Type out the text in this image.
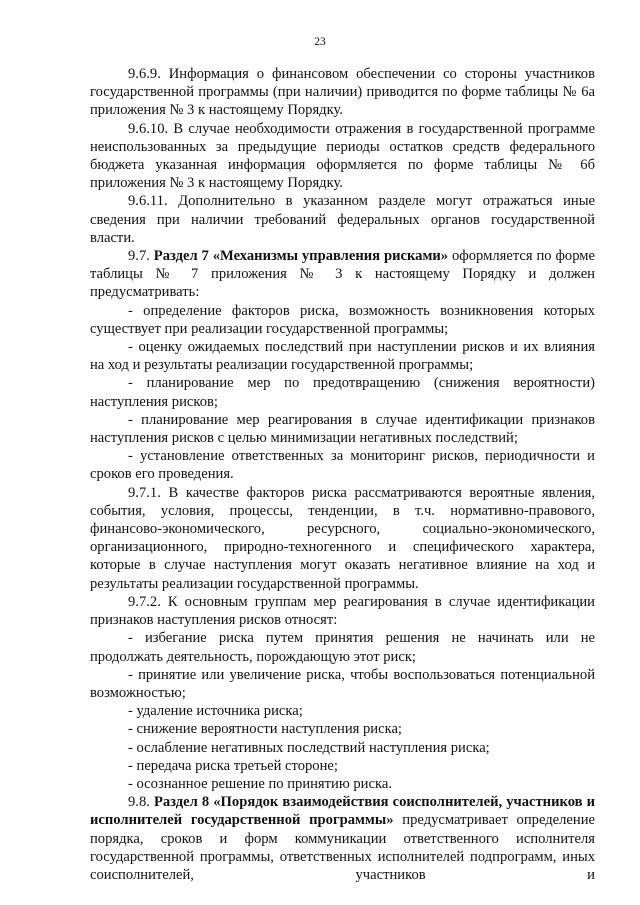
23

9.6.9. Информация о финансовом обеспечении со стороны участников государственной программы (при наличии) приводится по форме таблицы № 6а приложения № 3 к настоящему Порядку.

9.6.10. В случае необходимости отражения в государственной программе неиспользованных за предыдущие периоды остатков средств федерального бюджета указанная информация оформляется по форме таблицы № 6б приложения № 3 к настоящему Порядку.

9.6.11. Дополнительно в указанном разделе могут отражаться иные сведения при наличии требований федеральных органов государственной власти.

9.7. Раздел 7 «Механизмы управления рисками» оформляется по форме таблицы № 7 приложения № 3 к настоящему Порядку и должен предусматривать:

- определение факторов риска, возможность возникновения которых существует при реализации государственной программы;

- оценку ожидаемых последствий при наступлении рисков и их влияния на ход и результаты реализации государственной программы;

- планирование мер по предотвращению (снижения вероятности) наступления рисков;

- планирование мер реагирования в случае идентификации признаков наступления рисков с целью минимизации негативных последствий;

- установление ответственных за мониторинг рисков, периодичности и сроков его проведения.

9.7.1. В качестве факторов риска рассматриваются вероятные явления, события, условия, процессы, тенденции, в т.ч. нормативно-правового, финансово-экономического, ресурсного, социально-экономического, организационного, природно-техногенного и специфического характера, которые в случае наступления могут оказать негативное влияние на ход и результаты реализации государственной программы.

9.7.2. К основным группам мер реагирования в случае идентификации признаков наступления рисков относят:

- избегание риска путем принятия решения не начинать или не продолжать деятельность, порождающую этот риск;

- принятие или увеличение риска, чтобы воспользоваться потенциальной возможностью;

- удаление источника риска;

- снижение вероятности наступления риска;

- ослабление негативных последствий наступления риска;

- передача риска третьей стороне;

- осознанное решение по принятию риска.

9.8. Раздел 8 «Порядок взаимодействия соисполнителей, участников и исполнителей государственной программы» предусматривает определение порядка, сроков и форм коммуникации ответственного исполнителя государственной программы, ответственных исполнителей подпрограмм, иных соисполнителей, участников и
